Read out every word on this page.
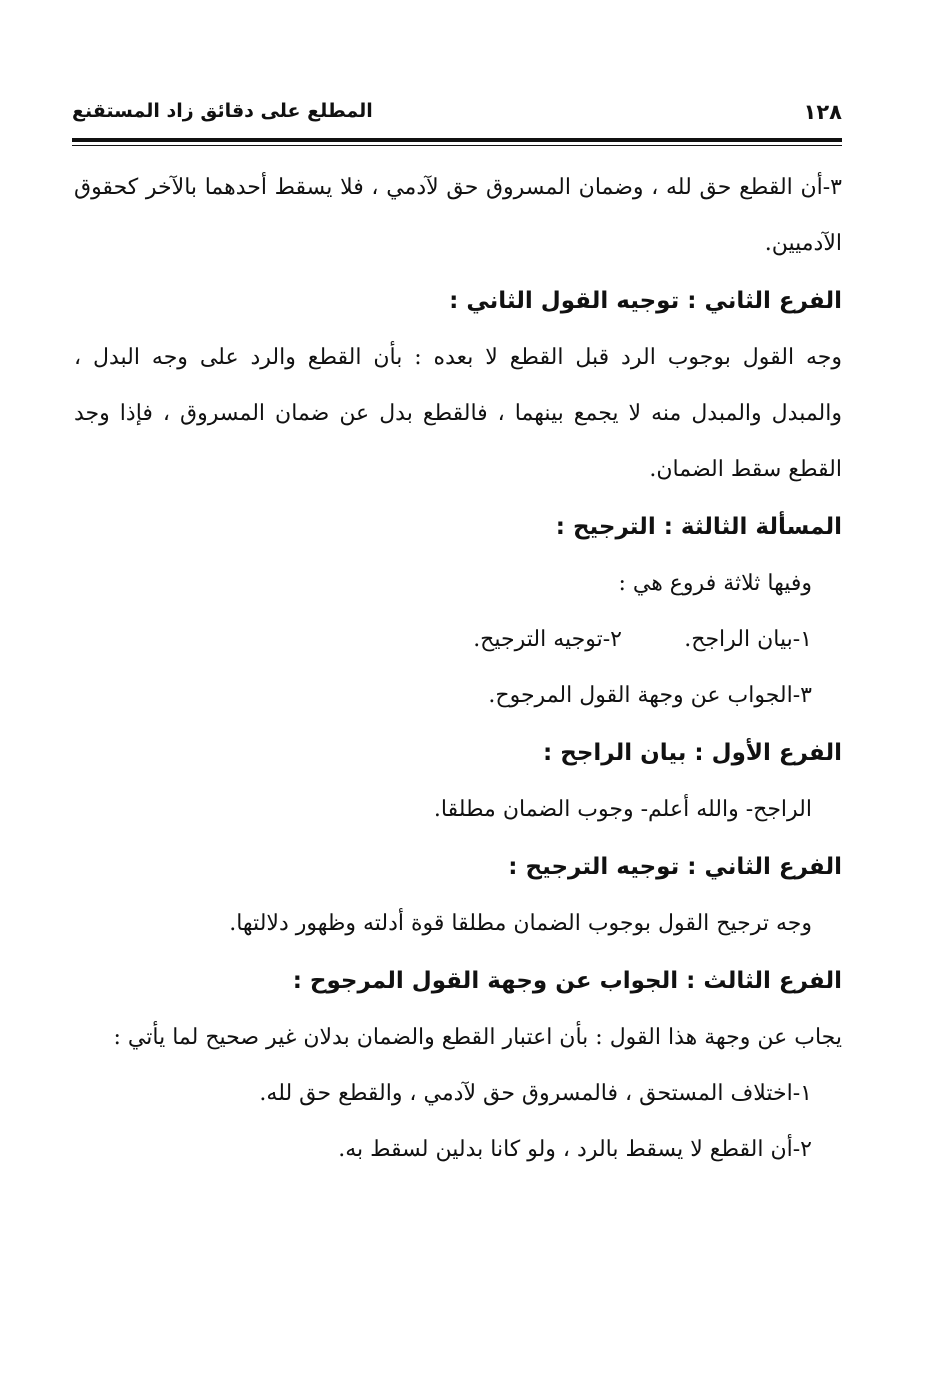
١٢٨
المطلع على دقائق زاد المستقنع

٣-أن القطع حق لله ، وضمان المسروق حق لآدمي ، فلا يسقط أحدهما بالآخر كحقوق الآدميين.

الفرع الثاني : توجيه القول الثاني :

وجه القول بوجوب الرد قبل القطع لا بعده : بأن القطع والرد على وجه البدل ، والمبدل والمبدل منه لا يجمع بينهما ، فالقطع بدل عن ضمان المسروق ، فإذا وجد القطع سقط الضمان.

المسألة الثالثة : الترجيح :

وفيها ثلاثة فروع هي :

١-بيان الراجح.
٢-توجيه الترجيح.

٣-الجواب عن وجهة القول المرجوح.

الفرع الأول : بيان الراجح :

الراجح- والله أعلم- وجوب الضمان مطلقا.

الفرع الثاني : توجيه الترجيح :

وجه ترجيح القول بوجوب الضمان مطلقا قوة أدلته وظهور دلالتها.

الفرع الثالث : الجواب عن وجهة القول المرجوح :

يجاب عن وجهة هذا القول : بأن اعتبار القطع والضمان بدلان غير صحيح لما يأتي :

١-اختلاف المستحق ، فالمسروق حق لآدمي ، والقطع حق لله.

٢-أن القطع لا يسقط بالرد ، ولو كانا بدلين لسقط به.
